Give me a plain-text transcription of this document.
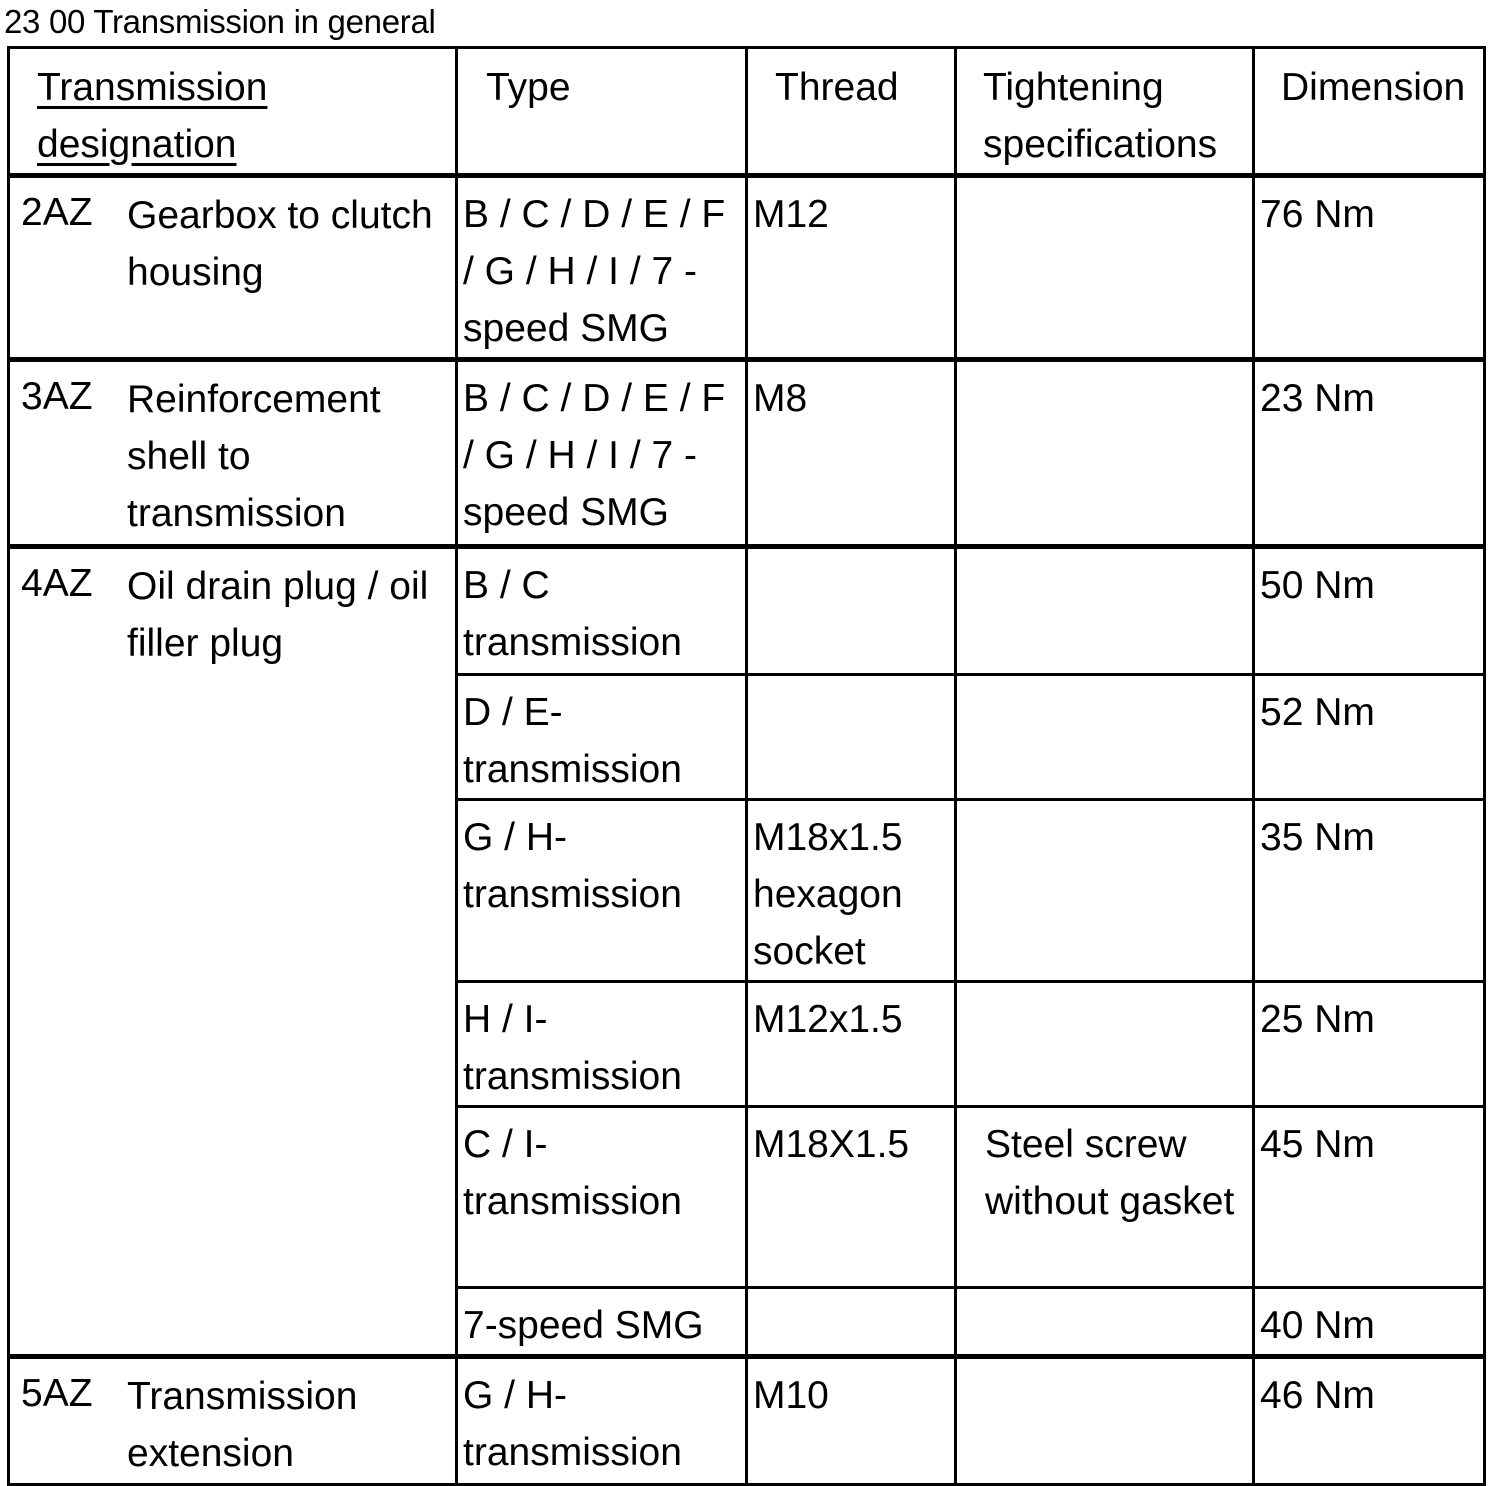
23 00 Transmission in general
Transmission designation	Type	Thread	Tightening specifications	Dimension

2AZ Gearbox to clutch housing	B / C / D / E / F / G / H / I / 7 -speed SMG	M12		76 Nm

3AZ Reinforcement shell to transmission	B / C / D / E / F / G / H / I / 7 -speed SMG	M8		23 Nm

4AZ Oil drain plug / oil filler plug	B / C transmission			50 Nm

	D / E-transmission			52 Nm

	G / H-transmission	M18x1.5 hexagon socket		35 Nm

	H / I-transmission	M12x1.5		25 Nm

	C / I-transmission	M18X1.5	Steel screw without gasket	45 Nm

	7-speed SMG			40 Nm

5AZ Transmission extension	G / H-transmission	M10		46 Nm
